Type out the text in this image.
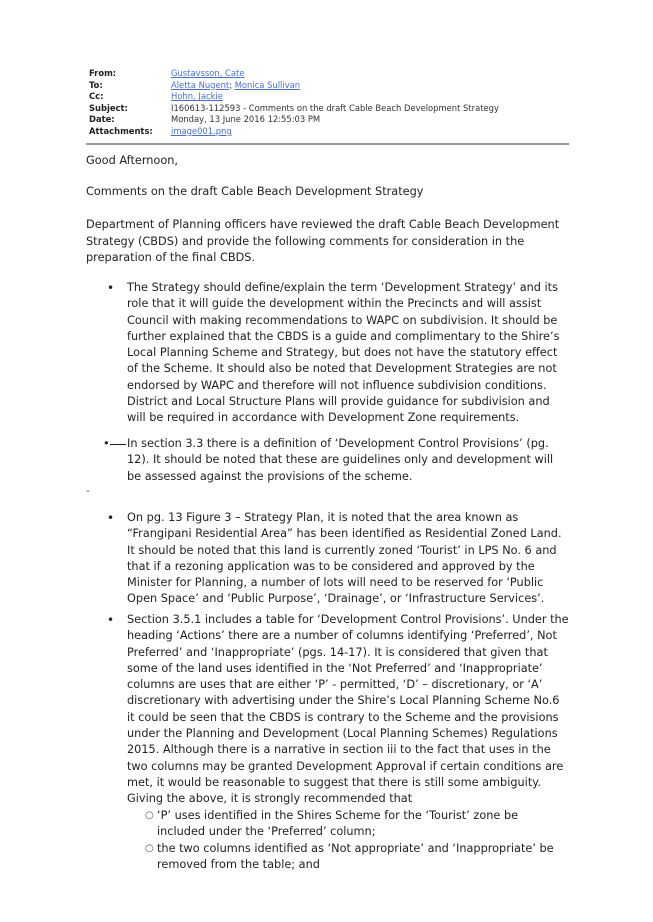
From:	Gustavsson, Cate
To:	Aletta Nugent; Monica Sullivan
Cc:	Hohn, Jackie
Subject:	I160613-112593 - Comments on the draft Cable Beach Development Strategy
Date:	Monday, 13 June 2016 12:55:03 PM
Attachments:	image001.png

Good Afternoon,

Comments on the draft Cable Beach Development Strategy

Department of Planning officers have reviewed the draft Cable Beach Development Strategy (CBDS) and provide the following comments for consideration in the preparation of the final CBDS.

• The Strategy should define/explain the term ‘Development Strategy’ and its role that it will guide the development within the Precincts and will assist Council with making recommendations to WAPC on subdivision. It should be further explained that the CBDS is a guide and complimentary to the Shire’s Local Planning Scheme and Strategy, but does not have the statutory effect of the Scheme. It should also be noted that Development Strategies are not endorsed by WAPC and therefore will not influence subdivision conditions. District and Local Structure Plans will provide guidance for subdivision and will be required in accordance with Development Zone requirements.
• In section 3.3 there is a definition of ‘Development Control Provisions’ (pg. 12). It should be noted that these are guidelines only and development will be assessed against the provisions of the scheme.
-
• On pg. 13 Figure 3 – Strategy Plan, it is noted that the area known as “Frangipani Residential Area” has been identified as Residential Zoned Land. It should be noted that this land is currently zoned ‘Tourist’ in LPS No. 6 and that if a rezoning application was to be considered and approved by the Minister for Planning, a number of lots will need to be reserved for ‘Public Open Space’ and ‘Public Purpose’, ‘Drainage’, or ‘Infrastructure Services’.
• Section 3.5.1 includes a table for ‘Development Control Provisions’. Under the heading ‘Actions’ there are a number of columns identifying ‘Preferred’, Not Preferred’ and ‘Inappropriate’ (pgs. 14-17). It is considered that given that some of the land uses identified in the ‘Not Preferred’ and ‘Inappropriate’ columns are uses that are either ‘P’ - permitted, ‘D’ – discretionary, or ‘A’ discretionary with advertising under the Shire’s Local Planning Scheme No.6 it could be seen that the CBDS is contrary to the Scheme and the provisions under the Planning and Development (Local Planning Schemes) Regulations 2015. Although there is a narrative in section iii to the fact that uses in the two columns may be granted Development Approval if certain conditions are met, it would be reasonable to suggest that there is still some ambiguity.

Giving the above, it is strongly recommended that

○ ‘P’ uses identified in the Shires Scheme for the ‘Tourist’ zone be included under the ‘Preferred’ column;
○ the two columns identified as ‘Not appropriate’ and ‘Inappropriate’ be removed from the table; and
